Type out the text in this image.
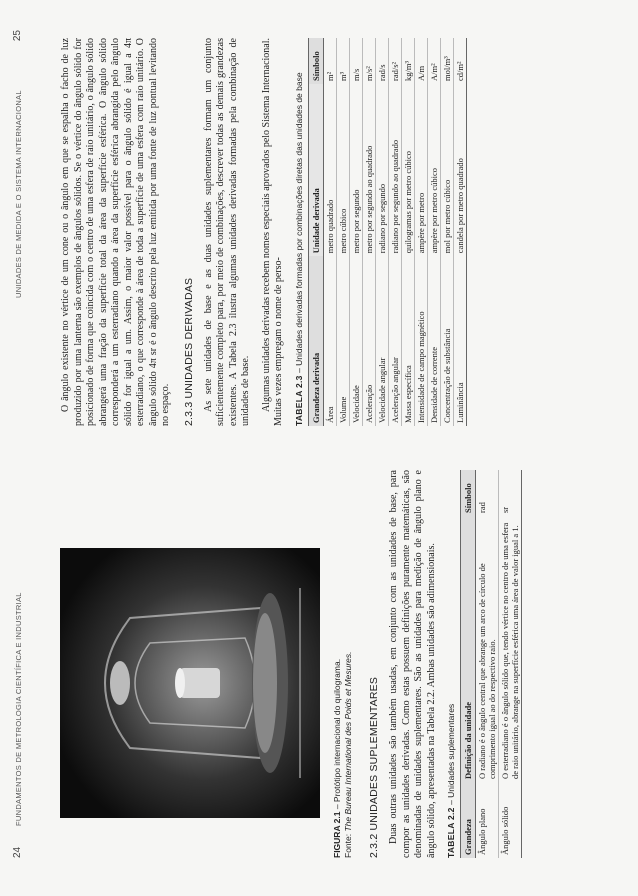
24
FUNDAMENTOS DE METROLOGIA CIENTÍFICA E INDUSTRIAL
FIGURA 2.1 – Protótipo internacional do quilograma.
Fonte: The Bureau International des Poids et Mesures. 2.3.2 UNIDADES SUPLEMENTARES Duas outras unidades são também usadas, em conjunto com as unidades de base, para compor as unidades derivadas. Como estas possuem definições puramente matemáticas, são denominadas de unidades suplementares. São as unidades para medição de ângulo plano e ângulo sólido, apresentadas na Tabela 2.2. Ambas unidades são adimensionais. TABELA 2.2 – Unidades suplementares
Grandeza	Definição da unidade	Símbolo
Ângulo plano	O radiano é o ângulo central que abrange um arco de círculo de comprimento igual ao do respectivo raio.	rad
Ângulo sólido	O esterradiano é o ângulo sólido que, tendo vértice no centro de uma esfera de raio unitário, abrange na superfície esférica uma área de valor igual a 1.	sr
UNIDADES DE MEDIDA E O SISTEMA INTERNACIONAL
25

O ângulo existente no vértice de um cone ou o ângulo em que se espalha o facho de luz produzido por uma lanterna são exemplos de ângulos sólidos. Se o vértice do ângulo sólido for posicionado de forma que coincida com o centro de uma esfera de raio unitário, o ângulo sólido abrangerá uma fração da superfície total da área da superfície esférica. O ângulo sólido corresponderá a um esterradiano quando a área da superfície esférica abrangida pelo ângulo sólido for igual a um. Assim, o maior valor possível para o ângulo sólido é igual a 4π esterradiano, o que corresponde à área de toda a superfície de uma esfera com raio unitário. O ângulo sólido 4π sr é o ângulo descrito pela luz emitida por uma fonte de luz pontual levitando no espaço. 2.3.3 UNIDADES DERIVADAS As sete unidades de base e as duas unidades suplementares formam um conjunto suficientemente completo para, por meio de combinações, descrever todas as demais grandezas existentes. A Tabela 2.3 ilustra algumas unidades derivadas formadas pela combinação de unidades de base. Algumas unidades derivadas recebem nomes especiais aprovados pelo Sistema Internacional. Muitas vezes empregam o nome de perso- TABELA 2.3 – Unidades derivadas formadas por combinações diretas das unidades de base
Grandeza derivada	Unidade derivada	Símbolo
Área	metro quadrado	m²
Volume	metro cúbico	m³
Velocidade	metro por segundo	m/s
Aceleração	metro por segundo ao quadrado	m/s²
Velocidade angular	radiano por segundo	rad/s
Aceleração angular	radiano por segundo ao quadrado	rad/s²
Massa específica	quilogramas por metro cúbico	kg/m³
Intensidade de campo magnético	ampère por metro	A/m
Densidade de corrente	ampère por metro cúbico	A/m²
Concentração de substância	mol por metro cúbico	mol/m³
Luminância	candela por metro quadrado	cd/m²
